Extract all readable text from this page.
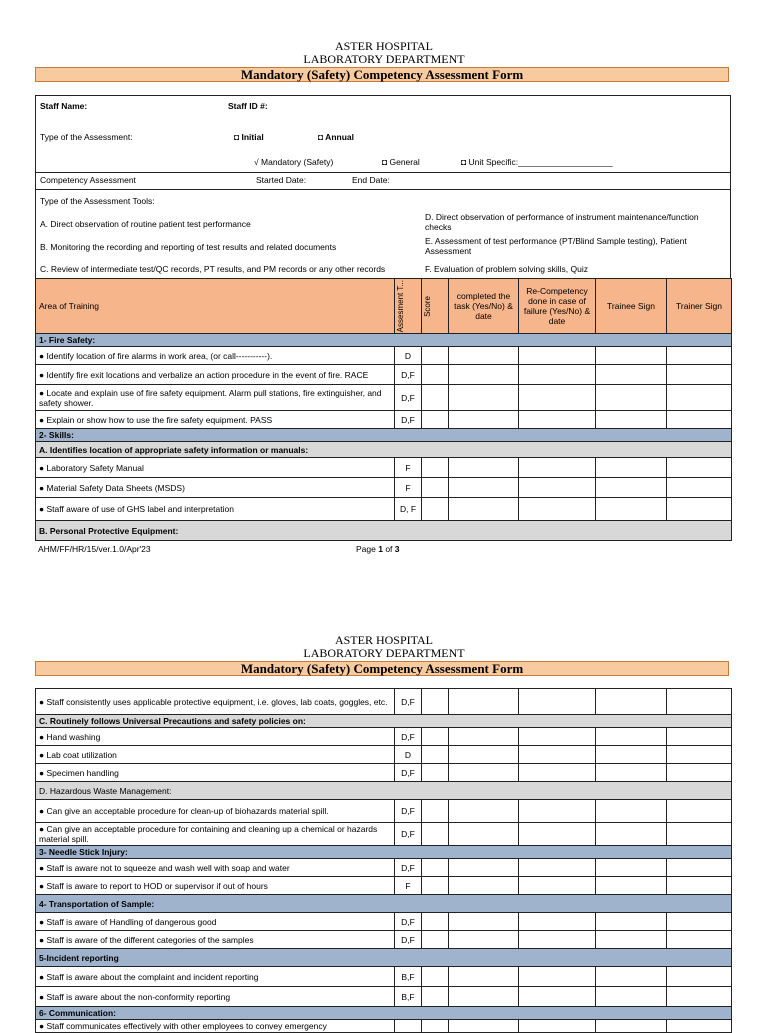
ASTER HOSPITAL
LABORATORY DEPARTMENT
Mandatory (Safety) Competency Assessment Form
Staff Name:	Staff ID #:
Type of the Assessment:	◘ Initial	◘ Annual
√ Mandatory (Safety)	◘ General	◘ Unit Specific:____________________
Competency Assessment	Started Date:	End Date:
Type of the Assessment Tools:
A. Direct observation of routine patient test performance
B. Monitoring the recording and reporting of test results and related documents
C. Review of intermediate test/QC records, PT results, and PM records or any other records
D. Direct observation of performance of instrument maintenance/function checks
E. Assessment of test performance (PT/Blind Sample testing), Patient Assessment
F. Evaluation of problem solving skills, Quiz
Area of Training	Assesment T...	Score	completed the task (Yes/No) & date	Re-Competency done in case of failure (Yes/No) & date	Trainee Sign	Trainer Sign
1- Fire Safety:						
● Identify location of fire alarms in work area, (or call-----------).	D					
● Identify fire exit locations and verbalize an action procedure in the event of fire. RACE	D,F					
● Locate and explain use of fire safety equipment. Alarm pull stations, fire extinguisher, and safety shower.	D,F					
● Explain or show how to use the fire safety equipment. PASS	D,F					
2- Skills:						
A. Identifies location of appropriate safety information or manuals:						
● Laboratory Safety Manual	F					
● Material Safety Data Sheets (MSDS)	F					
● Staff aware of use of GHS label and interpretation	D, F					
B. Personal Protective Equipment:						
AHM/FF/HR/15/ver.1.0/Apr'23	Page 1 of 3
ASTER HOSPITAL
LABORATORY DEPARTMENT
Mandatory (Safety) Competency Assessment Form
● Staff consistently uses applicable protective equipment, i.e. gloves, lab coats, goggles, etc.	D,F					
C. Routinely follows Universal Precautions and safety policies on:						
● Hand washing	D,F					
● Lab coat utilization	D					
● Specimen handling	D,F					
D. Hazardous Waste Management:						
● Can give an acceptable procedure for clean-up of biohazards material spill.	D,F					
● Can give an acceptable procedure for containing and cleaning up a chemical or hazards material spill.	D,F					
3- Needle Stick Injury:						
● Staff is aware not to squeeze and wash well with soap and water	D,F					
● Staff is aware to report to HOD or supervisor if out of hours	F					
4- Transportation of Sample:						
● Staff is aware of Handling of dangerous good	D,F					
● Staff is aware of the different categories of the samples	D,F					
5-Incident reporting						
● Staff is aware about the complaint and incident reporting	B,F					
● Staff is aware about the non-conformity reporting	B,F					
6- Communication:						
● Staff communicates effectively with other employees to convey emergency						
